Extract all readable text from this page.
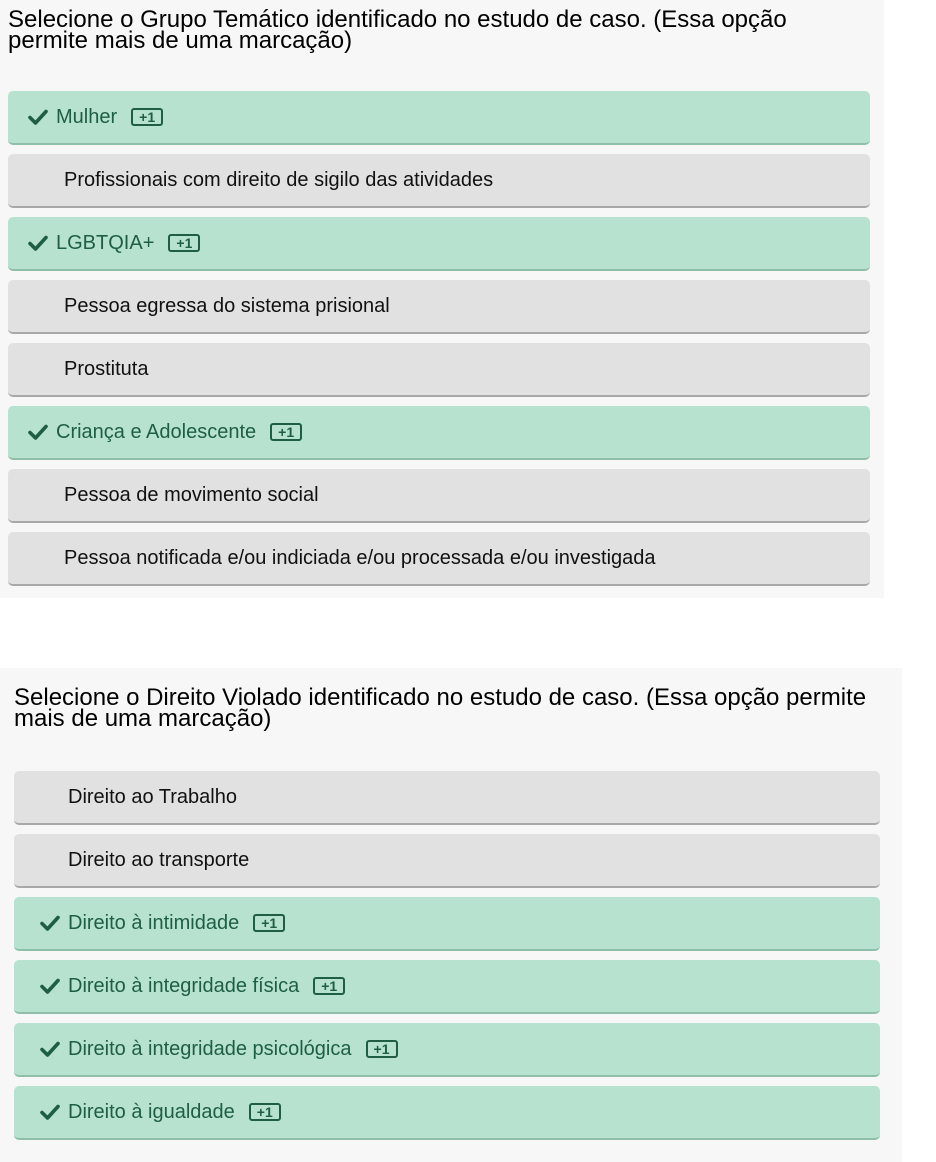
Selecione o Grupo Temático identificado no estudo de caso. (Essa opção permite mais de uma marcação)

Mulher	+1
Profissionais com direito de sigilo das atividades
LGBTQIA+	+1
Pessoa egressa do sistema prisional
Prostituta
Criança e Adolescente	+1
Pessoa de movimento social
Pessoa notificada e/ou indiciada e/ou processada e/ou investigada

Selecione o Direito Violado identificado no estudo de caso. (Essa opção permite mais de uma marcação)

Direito ao Trabalho
Direito ao transporte
Direito à intimidade	+1
Direito à integridade física	+1
Direito à integridade psicológica	+1
Direito à igualdade	+1
